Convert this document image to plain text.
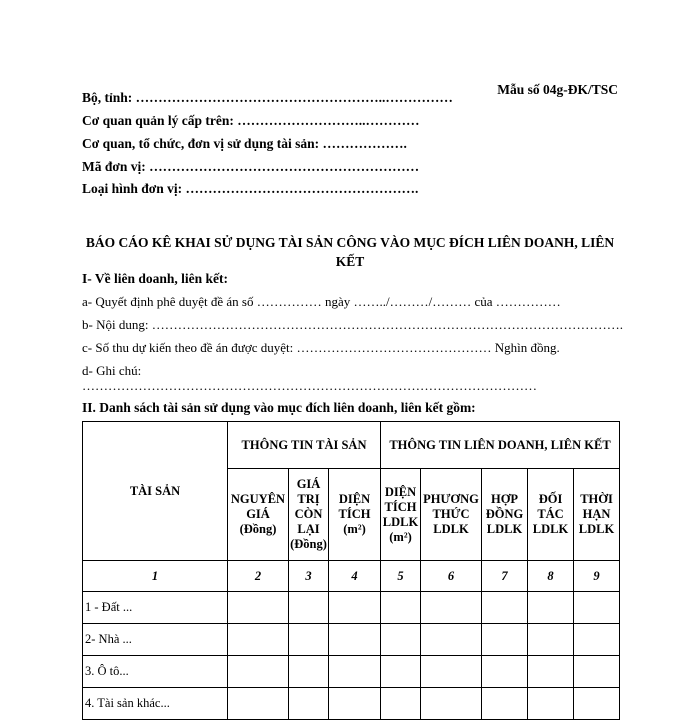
Mẫu số 04g-ĐK/TSC
Bộ, tỉnh: ………………………………………………..……………
Cơ quan quản lý cấp trên: ………………………..…………
Cơ quan, tổ chức, đơn vị sử dụng tài sản: ……………….
Mã đơn vị: ……………………………………………………
Loại hình đơn vị: …………………………………………….
BÁO CÁO KÊ KHAI SỬ DỤNG TÀI SẢN CÔNG VÀO MỤC ĐÍCH LIÊN DOANH, LIÊN KẾT
I- Về liên doanh, liên kết:
a- Quyết định phê duyệt đề án số …………… ngày ……../………/……… của ……………
b- Nội dung: ……………………………………………………………………………………………….
c- Số thu dự kiến theo đề án được duyệt: ……………………………………… Nghìn đồng.
d- Ghi chú:
……………………………………………………………………………………………
II. Danh sách tài sản sử dụng vào mục đích liên doanh, liên kết gồm:
TÀI SẢN	THÔNG TIN TÀI SẢN			THÔNG TIN LIÊN DOANH, LIÊN KẾT				
	NGUYÊN GIÁ (Đồng)	GIÁ TRỊ CÒN LẠI (Đồng)	DIỆN TÍCH (m²)	DIỆN TÍCH LDLK (m²)	PHƯƠNG THỨC LDLK	HỢP ĐỒNG LDLK	ĐỐI TÁC LDLK	THỜI HẠN LDLK
1	2	3	4	5	6	7	8	9
1 - Đất ...								
2- Nhà ...								
3. Ô tô...								
4. Tài sản khác...								
